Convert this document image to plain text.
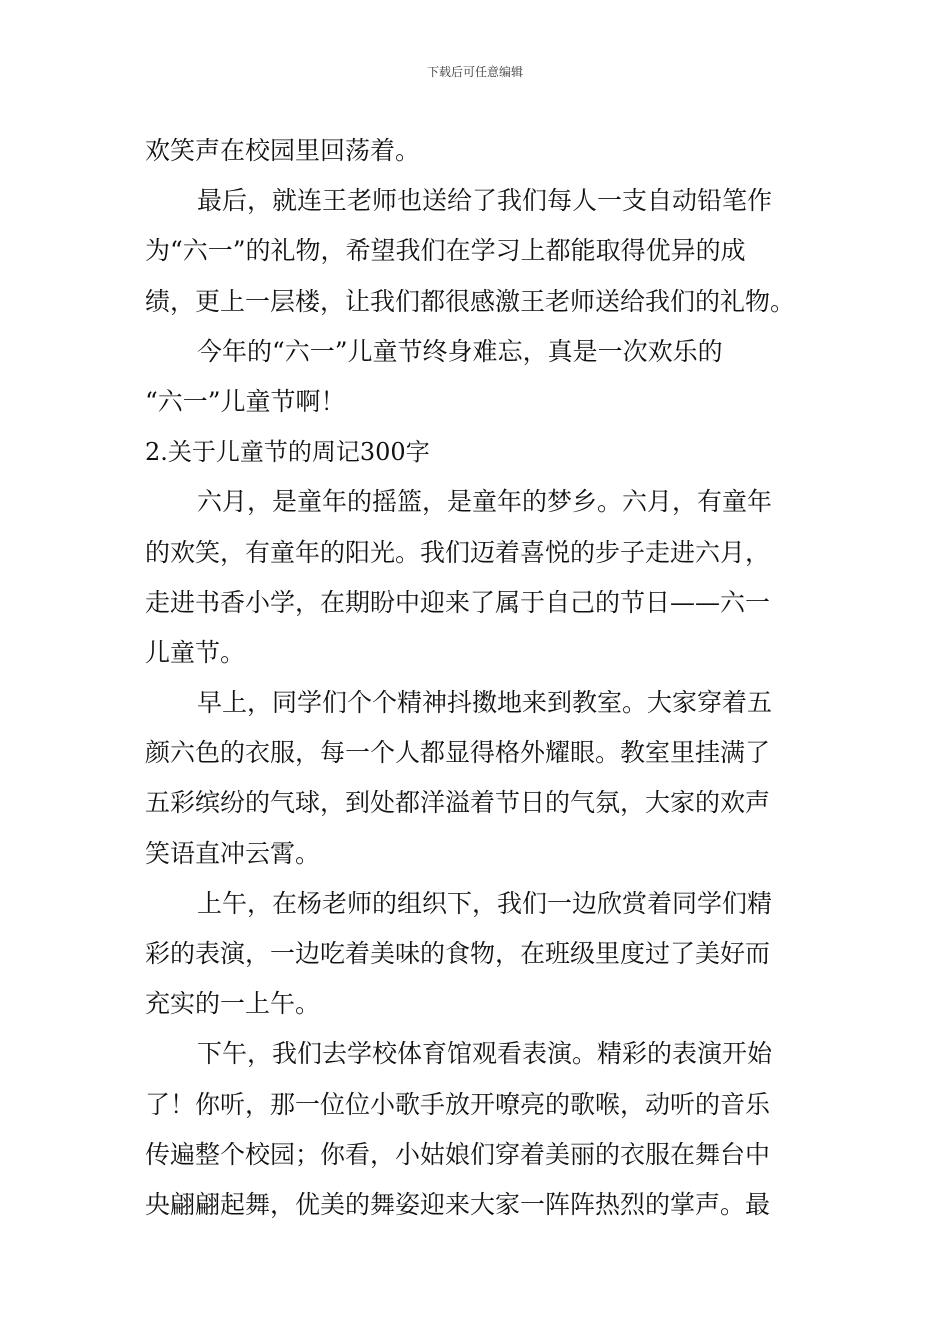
下载后可任意编辑
欢笑声在校园里回荡着。
最后，就连王老师也送给了我们每人一支自动铅笔作
为“六一”的礼物，希望我们在学习上都能取得优异的成
绩，更上一层楼，让我们都很感激王老师送给我们的礼物。
今年的“六一”儿童节终身难忘，真是一次欢乐的
“六一”儿童节啊！
2.关于儿童节的周记300字
六月，是童年的摇篮，是童年的梦乡。六月，有童年
的欢笑，有童年的阳光。我们迈着喜悦的步子走进六月，
走进书香小学，在期盼中迎来了属于自己的节日——六一
儿童节。
早上，同学们个个精神抖擞地来到教室。大家穿着五
颜六色的衣服，每一个人都显得格外耀眼。教室里挂满了
五彩缤纷的气球，到处都洋溢着节日的气氛，大家的欢声
笑语直冲云霄。
上午，在杨老师的组织下，我们一边欣赏着同学们精
彩的表演，一边吃着美味的食物，在班级里度过了美好而
充实的一上午。
下午，我们去学校体育馆观看表演。精彩的表演开始
了！你听，那一位位小歌手放开嘹亮的歌喉，动听的音乐
传遍整个校园；你看，小姑娘们穿着美丽的衣服在舞台中
央翩翩起舞，优美的舞姿迎来大家一阵阵热烈的掌声。最
